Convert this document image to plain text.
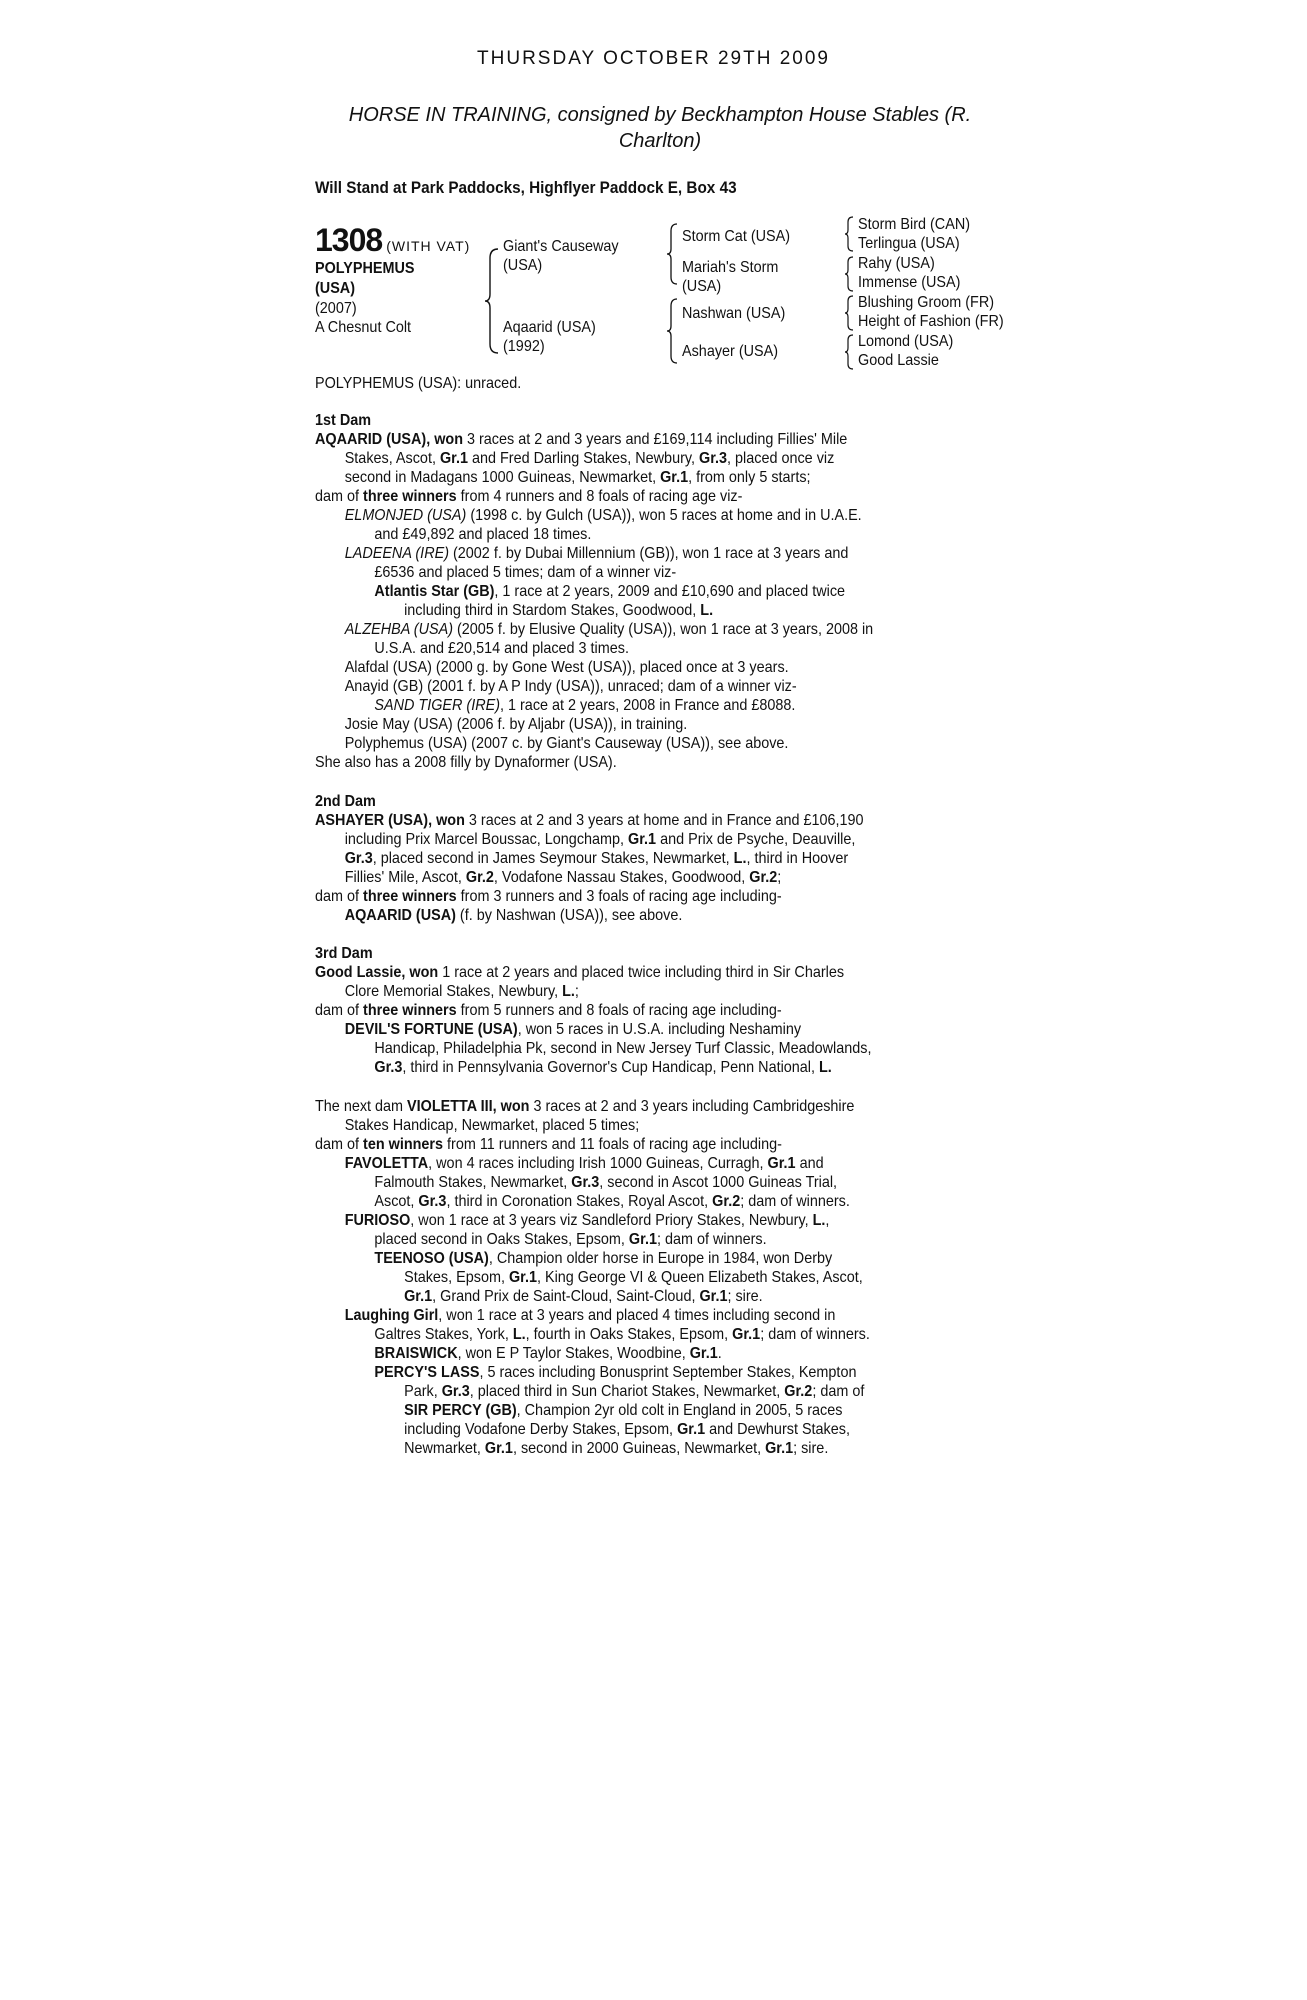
THURSDAY OCTOBER 29TH 2009
HORSE IN TRAINING, consigned by Beckhampton House Stables (R. Charlton)
Will Stand at Park Paddocks, Highflyer Paddock E, Box 43
1308 (WITH VAT)
POLYPHEMUS
(USA)
(2007)
A Chesnut Colt
Giant's Causeway
(USA)
Aqaarid (USA)
(1992)
Storm Cat (USA)
Mariah's Storm
(USA)
Nashwan (USA)
Ashayer (USA)
Storm Bird (CAN)
Terlingua (USA)
Rahy (USA)
Immense (USA)
Blushing Groom (FR)
Height of Fashion (FR)
Lomond (USA)
Good Lassie
POLYPHEMUS (USA): unraced.
1st Dam
AQAARID (USA), won 3 races at 2 and 3 years and £169,114 including Fillies' Mile
Stakes, Ascot, Gr.1 and Fred Darling Stakes, Newbury, Gr.3, placed once viz
second in Madagans 1000 Guineas, Newmarket, Gr.1, from only 5 starts;
dam of three winners from 4 runners and 8 foals of racing age viz-
ELMONJED (USA) (1998 c. by Gulch (USA)), won 5 races at home and in U.A.E.
and £49,892 and placed 18 times.
LADEENA (IRE) (2002 f. by Dubai Millennium (GB)), won 1 race at 3 years and
£6536 and placed 5 times; dam of a winner viz-
Atlantis Star (GB), 1 race at 2 years, 2009 and £10,690 and placed twice
including third in Stardom Stakes, Goodwood, L.
ALZEHBA (USA) (2005 f. by Elusive Quality (USA)), won 1 race at 3 years, 2008 in
U.S.A. and £20,514 and placed 3 times.
Alafdal (USA) (2000 g. by Gone West (USA)), placed once at 3 years.
Anayid (GB) (2001 f. by A P Indy (USA)), unraced; dam of a winner viz-
SAND TIGER (IRE), 1 race at 2 years, 2008 in France and £8088.
Josie May (USA) (2006 f. by Aljabr (USA)), in training.
Polyphemus (USA) (2007 c. by Giant's Causeway (USA)), see above.
She also has a 2008 filly by Dynaformer (USA).
2nd Dam
ASHAYER (USA), won 3 races at 2 and 3 years at home and in France and £106,190
including Prix Marcel Boussac, Longchamp, Gr.1 and Prix de Psyche, Deauville,
Gr.3, placed second in James Seymour Stakes, Newmarket, L., third in Hoover
Fillies' Mile, Ascot, Gr.2, Vodafone Nassau Stakes, Goodwood, Gr.2;
dam of three winners from 3 runners and 3 foals of racing age including-
AQAARID (USA) (f. by Nashwan (USA)), see above.
3rd Dam
Good Lassie, won 1 race at 2 years and placed twice including third in Sir Charles
Clore Memorial Stakes, Newbury, L.;
dam of three winners from 5 runners and 8 foals of racing age including-
DEVIL'S FORTUNE (USA), won 5 races in U.S.A. including Neshaminy
Handicap, Philadelphia Pk, second in New Jersey Turf Classic, Meadowlands,
Gr.3, third in Pennsylvania Governor's Cup Handicap, Penn National, L.
The next dam VIOLETTA III, won 3 races at 2 and 3 years including Cambridgeshire
Stakes Handicap, Newmarket, placed 5 times;
dam of ten winners from 11 runners and 11 foals of racing age including-
FAVOLETTA, won 4 races including Irish 1000 Guineas, Curragh, Gr.1 and
Falmouth Stakes, Newmarket, Gr.3, second in Ascot 1000 Guineas Trial,
Ascot, Gr.3, third in Coronation Stakes, Royal Ascot, Gr.2; dam of winners.
FURIOSO, won 1 race at 3 years viz Sandleford Priory Stakes, Newbury, L.,
placed second in Oaks Stakes, Epsom, Gr.1; dam of winners.
TEENOSO (USA), Champion older horse in Europe in 1984, won Derby
Stakes, Epsom, Gr.1, King George VI & Queen Elizabeth Stakes, Ascot,
Gr.1, Grand Prix de Saint-Cloud, Saint-Cloud, Gr.1; sire.
Laughing Girl, won 1 race at 3 years and placed 4 times including second in
Galtres Stakes, York, L., fourth in Oaks Stakes, Epsom, Gr.1; dam of winners.
BRAISWICK, won E P Taylor Stakes, Woodbine, Gr.1.
PERCY'S LASS, 5 races including Bonusprint September Stakes, Kempton
Park, Gr.3, placed third in Sun Chariot Stakes, Newmarket, Gr.2; dam of
SIR PERCY (GB), Champion 2yr old colt in England in 2005, 5 races
including Vodafone Derby Stakes, Epsom, Gr.1 and Dewhurst Stakes,
Newmarket, Gr.1, second in 2000 Guineas, Newmarket, Gr.1; sire.
